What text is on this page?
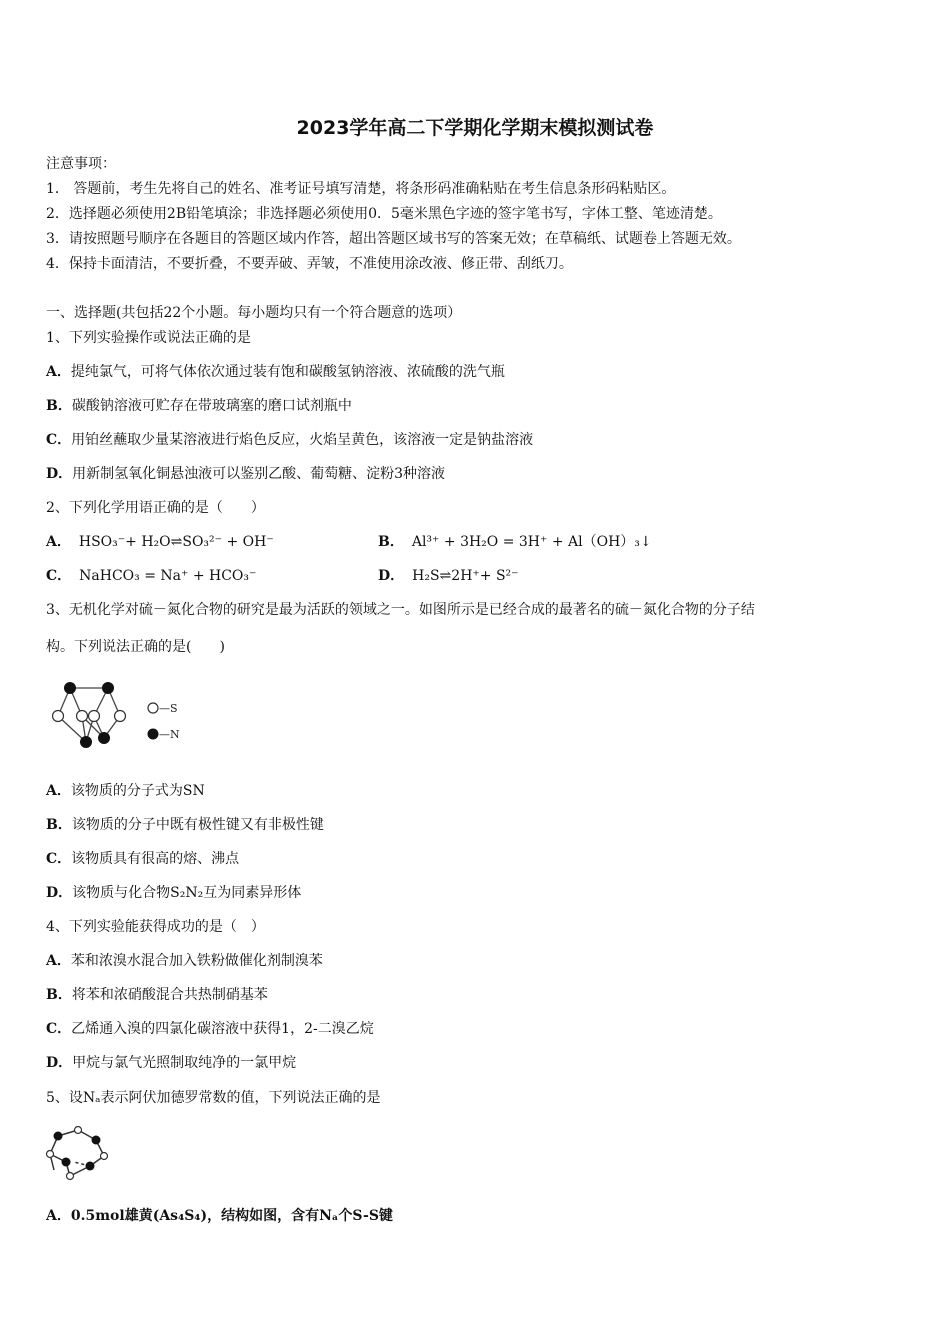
2023学年高二下学期化学期末模拟测试卷
注意事项：
1． 答题前，考生先将自己的姓名、准考证号填写清楚，将条形码准确粘贴在考生信息条形码粘贴区。
2．选择题必须使用2B铅笔填涂；非选择题必须使用0．5毫米黑色字迹的签字笔书写，字体工整、笔迹清楚。
3．请按照题号顺序在各题目的答题区域内作答，超出答题区域书写的答案无效；在草稿纸、试题卷上答题无效。
4．保持卡面清洁，不要折叠，不要弄破、弄皱，不准使用涂改液、修正带、刮纸刀。
一、选择题(共包括22个小题。每小题均只有一个符合题意的选项）
1、下列实验操作或说法正确的是
A．提纯氯气，可将气体依次通过装有饱和碳酸氢钠溶液、浓硫酸的洗气瓶
B．碳酸钠溶液可贮存在带玻璃塞的磨口试剂瓶中
C．用铂丝蘸取少量某溶液进行焰色反应，火焰呈黄色，该溶液一定是钠盐溶液
D．用新制氢氧化铜悬浊液可以鉴别乙酸、葡萄糖、淀粉3种溶液
2、下列化学用语正确的是（　　）
A． HSO₃⁻+ H₂O⇌SO₃²⁻ + OH⁻	B． Al³⁺ + 3H₂O = 3H⁺ + Al（OH）₃↓
C． NaHCO₃ = Na⁺ + HCO₃⁻	D． H₂S⇌2H⁺+ S²⁻
3、无机化学对硫－氮化合物的研究是最为活跃的领域之一。如图所示是已经合成的最著名的硫－氮化合物的分子结
构。下列说法正确的是(　　)
—S
—N
A．该物质的分子式为SN
B．该物质的分子中既有极性键又有非极性键
C．该物质具有很高的熔、沸点
D．该物质与化合物S₂N₂互为同素异形体
4、下列实验能获得成功的是（　）
A．苯和浓溴水混合加入铁粉做催化剂制溴苯
B．将苯和浓硝酸混合共热制硝基苯
C．乙烯通入溴的四氯化碳溶液中获得1，2-二溴乙烷
D．甲烷与氯气光照制取纯净的一氯甲烷
5、设Nₐ表示阿伏加德罗常数的值，下列说法正确的是
A．0.5mol雄黄(As₄S₄)，结构如图，含有Nₐ个S-S键
